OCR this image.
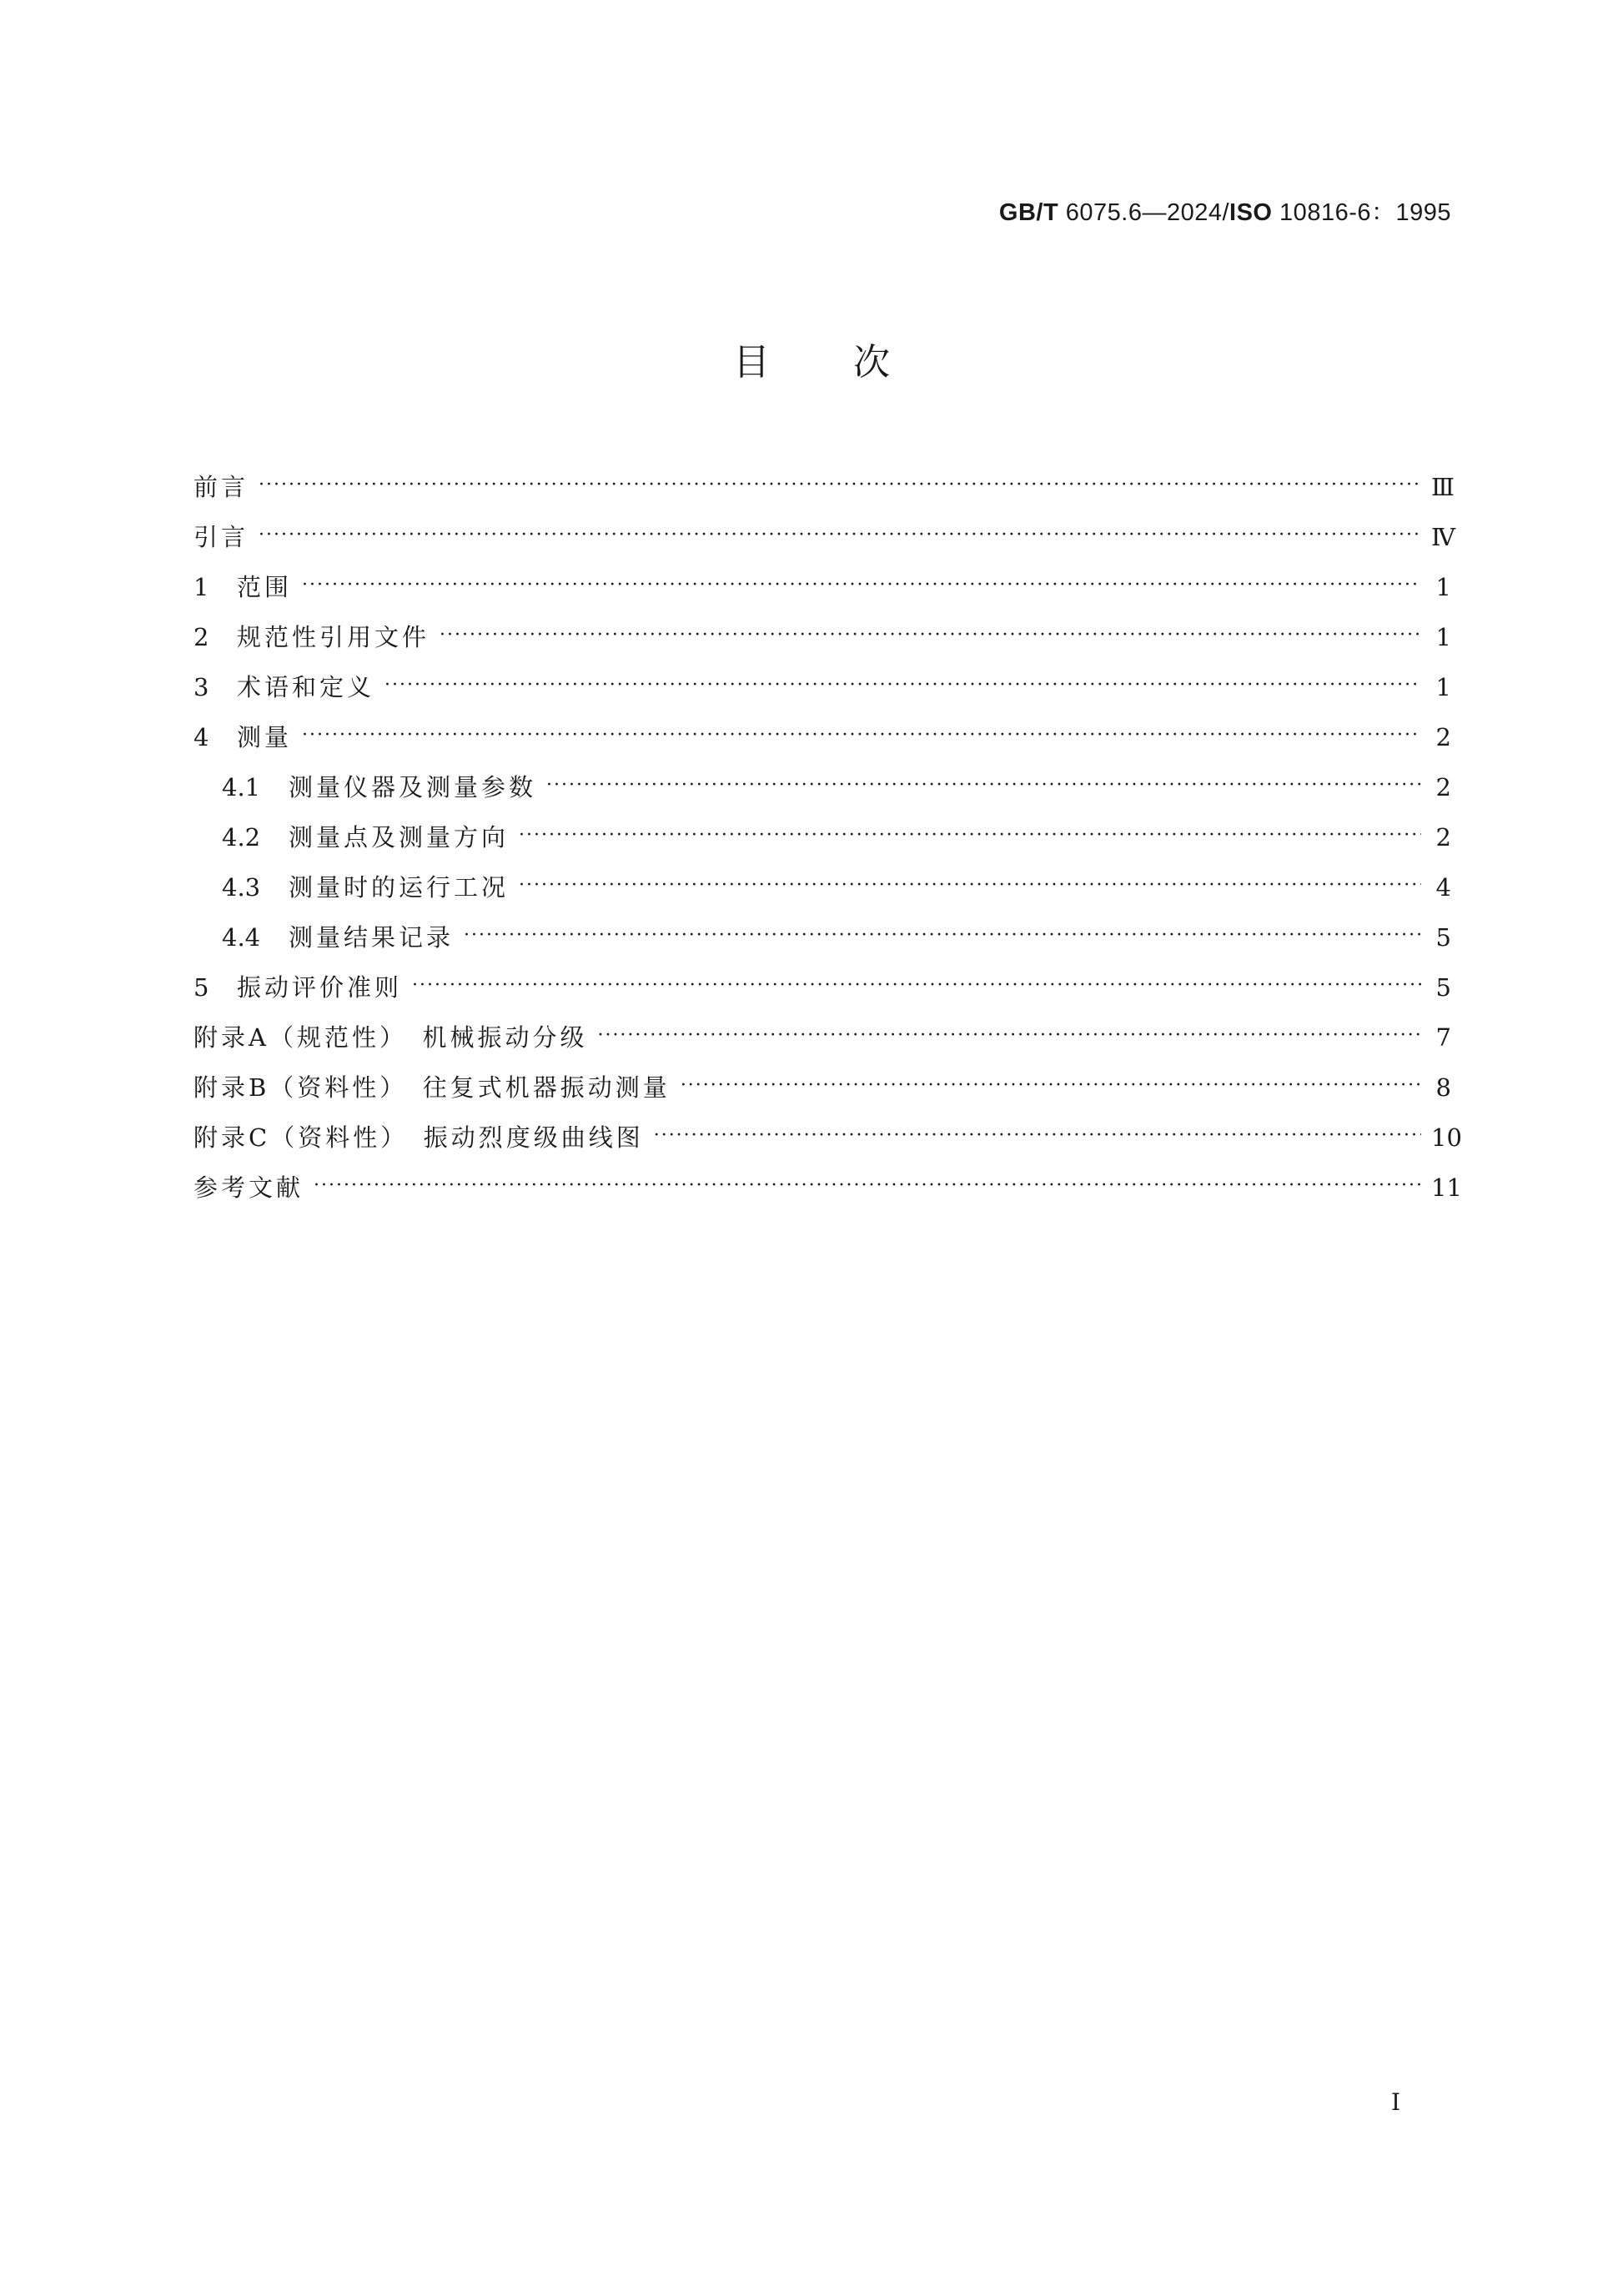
GB/T 6075.6—2024/ISO 10816-6：1995
目次
前言 ·····	Ⅲ
引言 ·····	Ⅳ
1	范围 ·····	1
2	规范性引用文件 ·····	1
3	术语和定义 ·····	1
4	测量 ·····	2
4.1	测量仪器及测量参数 ·····	2
4.2	测量点及测量方向 ·····	2
4.3	测量时的运行工况 ·····	4
4.4	测量结果记录 ·····	5
5	振动评价准则 ·····	5
附录A（规范性）　机械振动分级 ·····	7
附录B（资料性）　往复式机器振动测量 ·····	8
附录C（资料性）　振动烈度级曲线图 ·····	10
参考文献 ·····	11
Ⅰ
